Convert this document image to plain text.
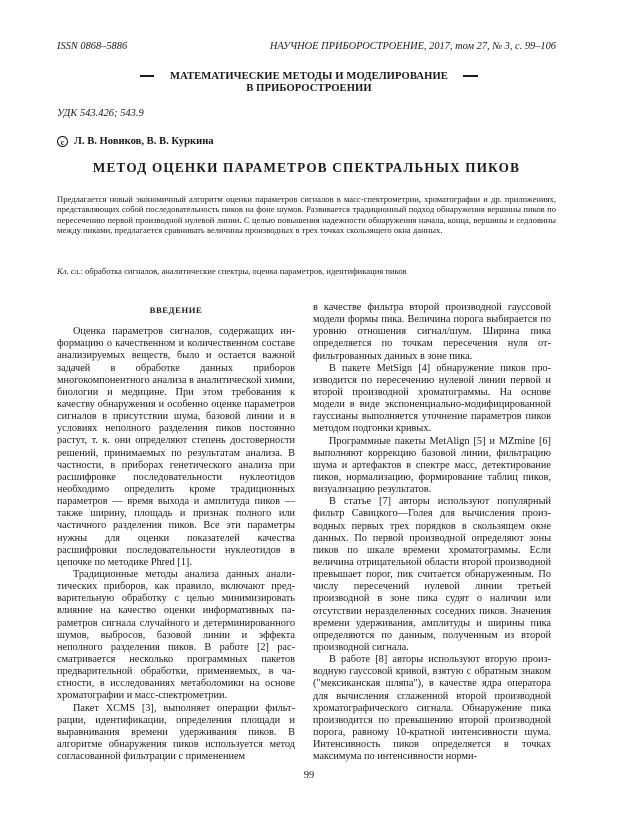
ISSN 0868–5886	НАУЧНОЕ ПРИБОРОСТРОЕНИЕ, 2017, том 27, № 3, с. 99–106
МАТЕМАТИЧЕСКИЕ МЕТОДЫ И МОДЕЛИРОВАНИЕ
В ПРИБОРОСТРОЕНИИ
УДК 543.426; 543.9
c Л. В. Новиков, В. В. Куркина
МЕТОД ОЦЕНКИ ПАРАМЕТРОВ СПЕКТРАЛЬНЫХ ПИКОВ

Предлагается новый экономичный алгоритм оценки параметров сигналов в масс-спектрометрии, хроматографии и др. приложениях, представляющих собой последовательность пиков на фоне шумов. Развивается традиционный подход обнаружения вершины пиков по пересечению первой производной нулевой линии. С целью повышения надежности обнаружения начала, конца, вершины и седловины между пиками, предлагается сравнивать величины производных в трех точках скользящего окна данных.

Кл. сл.: обработка сигналов, аналитические спектры, оценка параметров, идентификация пиков
ВВЕДЕНИЕ

Оценка параметров сигналов, содержащих информацию о качественном и количественном составе анализируемых веществ, было и остается важной задачей в обработке данных приборов многокомпонентного анализа в аналитической химии, биологии и медицине. При этом требования к качеству обнаружения и особенно оценке параметров сигналов в присутствии шума, базовой линии и в условиях неполного разделения пиков постоянно растут, т. к. они определяют степень достоверности решений, принимаемых по результатам анализа. В частности, в приборах генетического анализа при расшифровке последовательности нуклеотидов необходимо определить кроме традиционных параметров — время выхода и амплитуда пиков — также ширину, площадь и признак полного или частичного разделения пиков. Все эти параметры нужны для оценки показателей качества расшифровки последовательности нуклеотидов в цепочке по методике Phred [1].

Традиционные методы анализа данных аналитических приборов, как правило, включают предварительную обработку с целью минимизировать влияние на качество оценки информативных параметров сигнала случайного и детерминированного шумов, выбросов, базовой линии и эффекта неполного разделения пиков. В работе [2] рассматривается несколько программных пакетов предварительной обработки, применяемых, в частности, в исследованиях метаболомики на основе хроматографии и масс-спектрометрии.

Пакет XCMS [3], выполняет операции фильтрации, идентификации, определения площади и выравнивания времени удерживания пиков. В алгоритме обнаружения пиков используется метод согласованной фильтрации с применением

в качестве фильтра второй производной гауссовой модели формы пика. Величина порога выбирается по уровню отношения сигнал/шум. Ширина пика определяется по точкам пересечения нуля отфильтрованных данных в зоне пика.

В пакете MetSign [4] обнаружение пиков производится по пересечению нулевой линии первой и второй производной хроматограммы. На основе модели в виде экспоненциально-модифицированной гауссианы выполняется уточнение параметров пиков методом подгонки кривых.

Программные пакеты MetAlign [5] и MZmine [6] выполняют коррекцию базовой линии, фильтрацию шума и артефактов в спектре масс, детектирование пиков, нормализацию, формирование таблиц пиков, визуализацию результатов.

В статье [7] авторы используют популярный фильтр Савицкого—Голея для вычисления производных первых трех порядков в скользящем окне данных. По первой производной определяют зоны пиков по шкале времени хроматограммы. Если величина отрицательной области второй производной превышает порог, пик считается обнаруженным. По числу пересечений нулевой линии третьей производной в зоне пика судят о наличии или отсутствии неразделенных соседних пиков. Значения времени удерживания, амплитуды и ширины пика определяются по данным, полученным из второй производной сигнала.

В работе [8] авторы используют вторую производную гауссовой кривой, взятую с обратным знаком ("мексиканская шляпа"), в качестве ядра оператора для вычисления сглаженной второй производной хроматографического сигнала. Обнаружение пика производится по превышению второй производной порога, равному 10-кратной интенсивности шума. Интенсивность пиков определяется в точках максимума по интенсивности норми-

99
